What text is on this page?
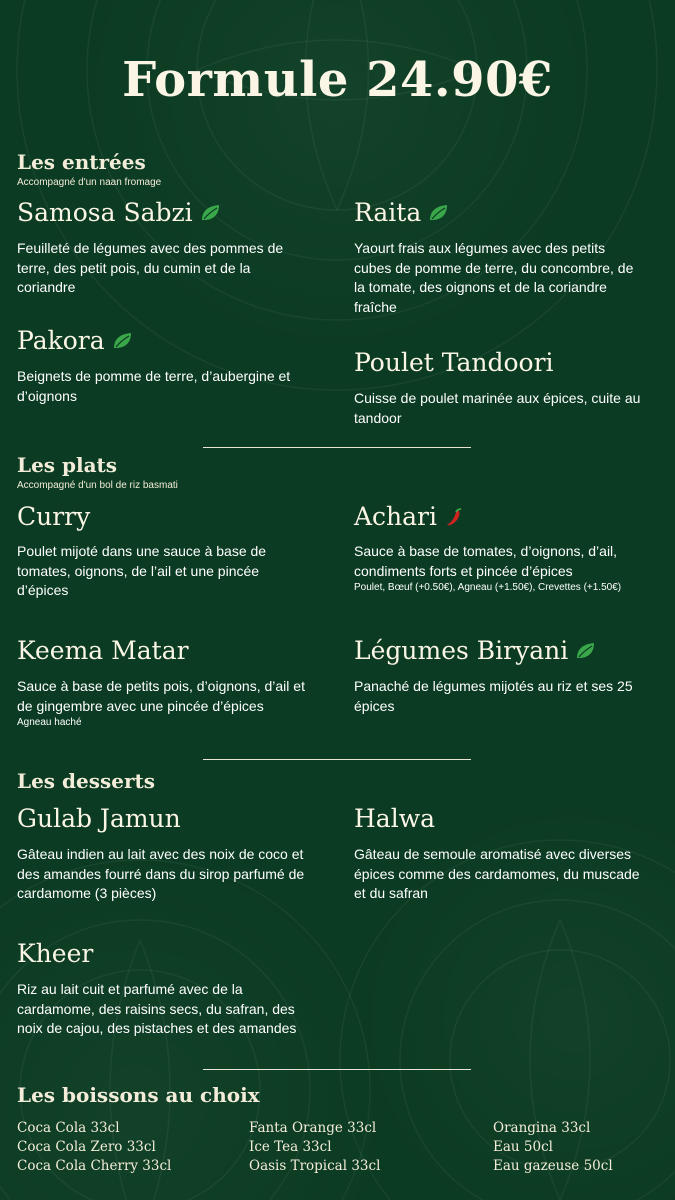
Formule 24.90€
Les entrées
Accompagné d'un naan fromage
Samosa Sabzi
Feuilleté de légumes avec des pommes de terre, des petit pois, du cumin et de la coriandre
Raita
Yaourt frais aux légumes avec des petits cubes de pomme de terre, du concombre, de la tomate, des oignons et de la coriandre fraîche
Pakora
Beignets de pomme de terre, d’aubergine et d’oignons
Poulet Tandoori
Cuisse de poulet marinée aux épices, cuite au tandoor
Les plats
Accompagné d'un bol de riz basmati
Curry
Poulet mijoté dans une sauce à base de tomates, oignons, de l’ail et une pincée d’épices
Achari
Sauce à base de tomates, d’oignons, d’ail, condiments forts et pincée d’épices
Poulet, Bœuf (+0.50€), Agneau (+1.50€), Crevettes (+1.50€)
Keema Matar
Sauce à base de petits pois, d’oignons, d’ail et de gingembre avec une pincée d’épices
Agneau haché
Légumes Biryani
Panaché de légumes mijotés au riz et ses 25 épices
Les desserts
Gulab Jamun
Gâteau indien au lait avec des noix de coco et des amandes fourré dans du sirop parfumé de cardamome (3 pièces)
Halwa
Gâteau de semoule aromatisé avec diverses épices comme des cardamomes, du muscade et du safran
Kheer
Riz au lait cuit et parfumé avec de la cardamome, des raisins secs, du safran, des noix de cajou, des pistaches et des amandes
Les boissons au choix
Coca Cola 33cl
Coca Cola Zero 33cl
Coca Cola Cherry 33cl
Fanta Orange 33cl
Ice Tea 33cl
Oasis Tropical 33cl
Orangina 33cl
Eau 50cl
Eau gazeuse 50cl
